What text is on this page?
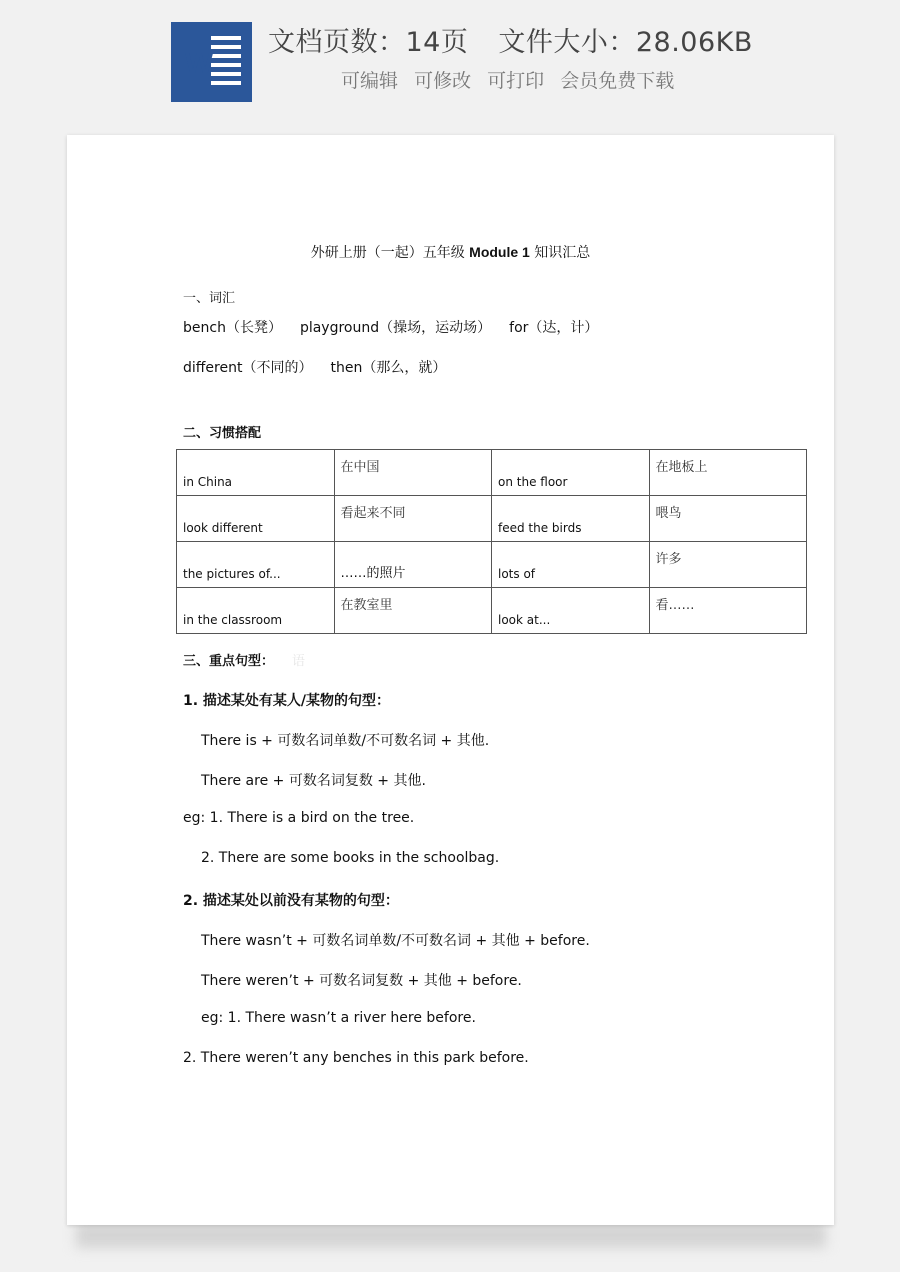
W
文档页数：14页 文件大小：28.06KB
可编辑 可修改 可打印 会员免费下载
外研上册（一起）五年级 Module 1 知识汇总
一、词汇
bench（长凳） playground（操场，运动场） for（达，计）
different（不同的） then（那么，就）
二、习惯搭配
in China	在中国	on the floor	在地板上
look different	看起来不同	feed the birds	喂鸟
the pictures of...	……的照片	lots of	许多
in the classroom	在教室里	look at...	看……
三、重点句型： 语
1. 描述某处有某人/某物的句型：
There is + 可数名词单数/不可数名词 + 其他.
There are + 可数名词复数 + 其他.
eg: 1. There is a bird on the tree.
2. There are some books in the schoolbag.
2. 描述某处以前没有某物的句型：
There wasn’t + 可数名词单数/不可数名词 + 其他 + before.
There weren’t + 可数名词复数 + 其他 + before.
eg: 1. There wasn’t a river here before.
2. There weren’t any benches in this park before.
